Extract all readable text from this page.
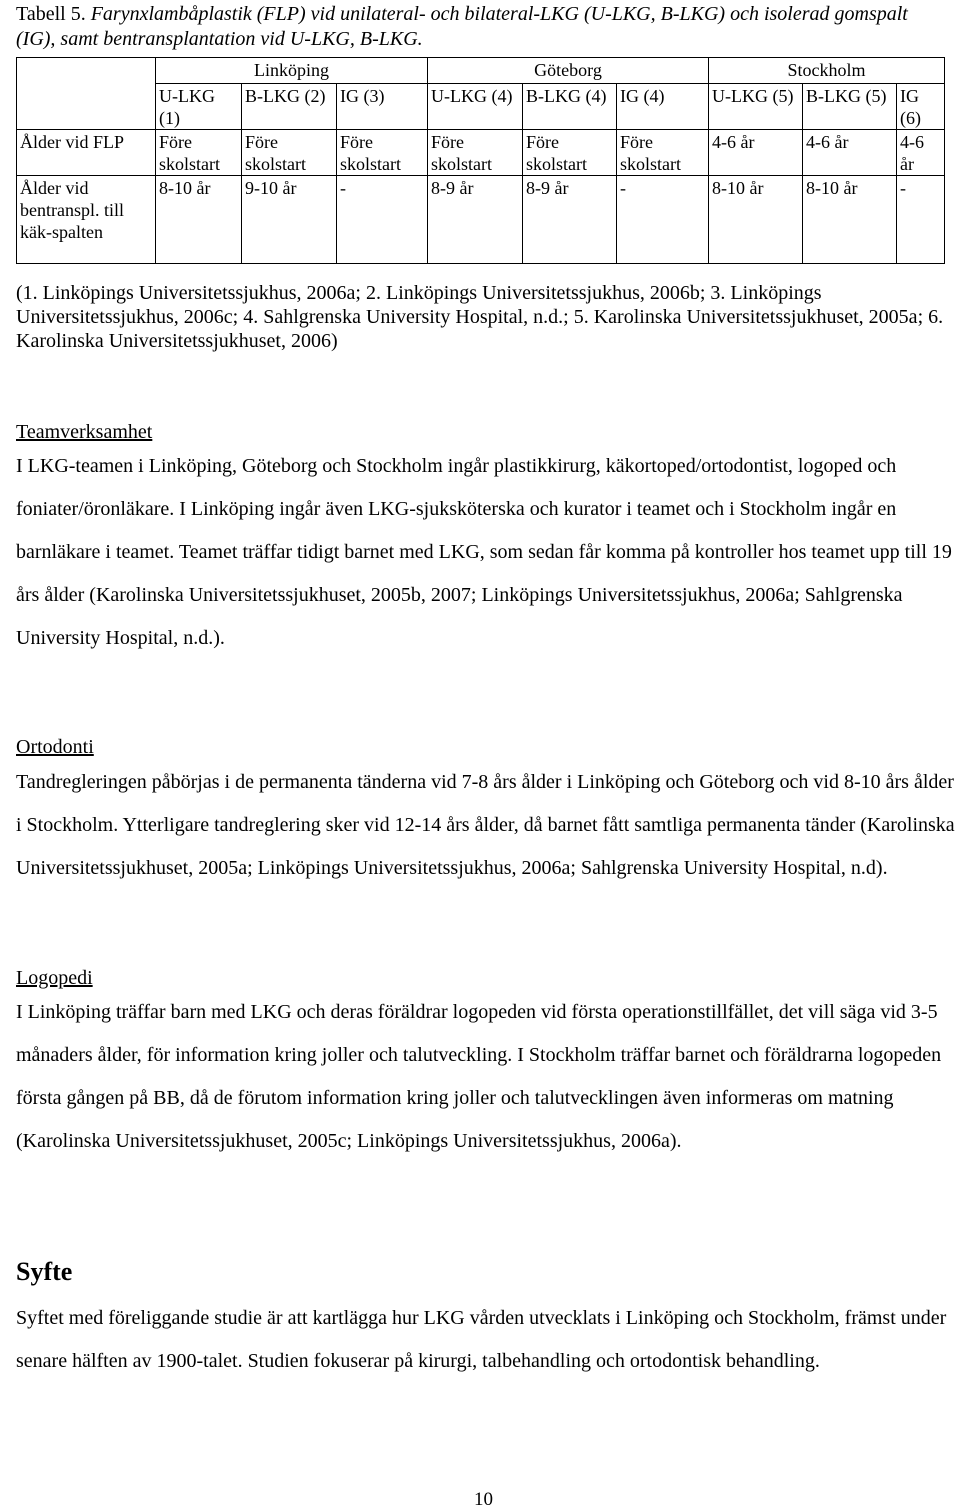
Tabell 5. Farynxlambåplastik (FLP) vid unilateral- och bilateral-LKG (U-LKG, B-LKG) och isolerad gomspalt (IG), samt bentransplantation vid U-LKG, B-LKG.
	Linköping			Göteborg			Stockholm		
	U-LKG (1)	B-LKG (2)	IG (3)	U-LKG (4)	B-LKG (4)	IG (4)	U-LKG (5)	B-LKG (5)	IG (6)
Ålder vid FLP	Före skolstart	Före skolstart	Före skolstart	Före skolstart	Före skolstart	Före skolstart	4-6 år	4-6 år	4-6 år
Ålder vid bentranspl. till käk-spalten	8-10 år	9-10 år	-	8-9 år	8-9 år	-	8-10 år	8-10 år	-
(1. Linköpings Universitetssjukhus, 2006a; 2. Linköpings Universitetssjukhus, 2006b; 3. Linköpings Universitetssjukhus, 2006c; 4. Sahlgrenska University Hospital, n.d.; 5. Karolinska Universitetssjukhuset, 2005a; 6. Karolinska Universitetssjukhuset, 2006)
Teamverksamhet
I LKG-teamen i Linköping, Göteborg och Stockholm ingår plastikkirurg, käkortoped/ortodontist, logoped och foniater/öronläkare. I Linköping ingår även LKG-sjuksköterska och kurator i teamet och i Stockholm ingår en barnläkare i teamet. Teamet träffar tidigt barnet med LKG, som sedan får komma på kontroller hos teamet upp till 19 års ålder (Karolinska Universitetssjukhuset, 2005b, 2007; Linköpings Universitetssjukhus, 2006a; Sahlgrenska University Hospital, n.d.).
Ortodonti
Tandregleringen påbörjas i de permanenta tänderna vid 7-8 års ålder i Linköping och Göteborg och vid 8-10 års ålder i Stockholm. Ytterligare tandreglering sker vid 12-14 års ålder, då barnet fått samtliga permanenta tänder (Karolinska Universitetssjukhuset, 2005a; Linköpings Universitetssjukhus, 2006a; Sahlgrenska University Hospital, n.d).
Logopedi
I Linköping träffar barn med LKG och deras föräldrar logopeden vid första operationstillfället, det vill säga vid 3-5 månaders ålder, för information kring joller och talutveckling. I Stockholm träffar barnet och föräldrarna logopeden första gången på BB, då de förutom information kring joller och talutvecklingen även informeras om matning (Karolinska Universitetssjukhuset, 2005c; Linköpings Universitetssjukhus, 2006a).
Syfte
Syftet med föreliggande studie är att kartlägga hur LKG vården utvecklats i Linköping och Stockholm, främst under senare hälften av 1900-talet. Studien fokuserar på kirurgi, talbehandling och ortodontisk behandling.
10
